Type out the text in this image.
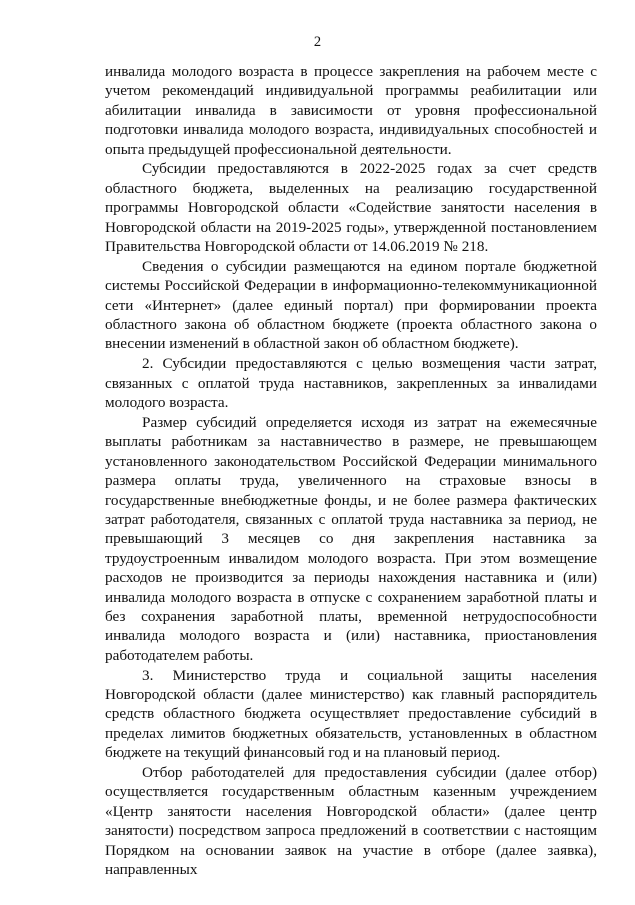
2

инвалида молодого возраста в процессе закрепления на рабочем месте с учетом рекомендаций индивидуальной программы реабилитации или абилитации инвалида в зависимости от уровня профессиональной подготовки инвалида молодого возраста, индивидуальных способностей и опыта предыдущей профессиональной деятельности.

Субсидии предоставляются в 2022-2025 годах за счет средств областного бюджета, выделенных на реализацию государственной программы Новгородской области «Содействие занятости населения в Новгородской области на 2019-2025 годы», утвержденной постановлением Правительства Новгородской области от 14.06.2019 № 218.

Сведения о субсидии размещаются на едином портале бюджетной системы Российской Федерации в информационно-телекоммуникационной сети «Интернет» (далее единый портал) при формировании проекта областного закона об областном бюджете (проекта областного закона о внесении изменений в областной закон об областном бюджете).

2. Субсидии предоставляются с целью возмещения части затрат, связанных с оплатой труда наставников, закрепленных за инвалидами молодого возраста.

Размер субсидий определяется исходя из затрат на ежемесячные выплаты работникам за наставничество в размере, не превышающем установленного законодательством Российской Федерации минимального размера оплаты труда, увеличенного на страховые взносы в государственные внебюджетные фонды, и не более размера фактических затрат работодателя, связанных с оплатой труда наставника за период, не превышающий 3 месяцев со дня закрепления наставника за трудоустроенным инвалидом молодого возраста. При этом возмещение расходов не производится за периоды нахождения наставника и (или) инвалида молодого возраста в отпуске с сохранением заработной платы и без сохранения заработной платы, временной нетрудоспособности инвалида молодого возраста и (или) наставника, приостановления работодателем работы.

3. Министерство труда и социальной защиты населения Новгородской области (далее министерство) как главный распорядитель средств областного бюджета осуществляет предоставление субсидий в пределах лимитов бюджетных обязательств, установленных в областном бюджете на текущий финансовый год и на плановый период.

Отбор работодателей для предоставления субсидии (далее отбор) осуществляется государственным областным казенным учреждением «Центр занятости населения Новгородской области» (далее центр занятости) посредством запроса предложений в соответствии с настоящим Порядком на основании заявок на участие в отборе (далее заявка), направленных
